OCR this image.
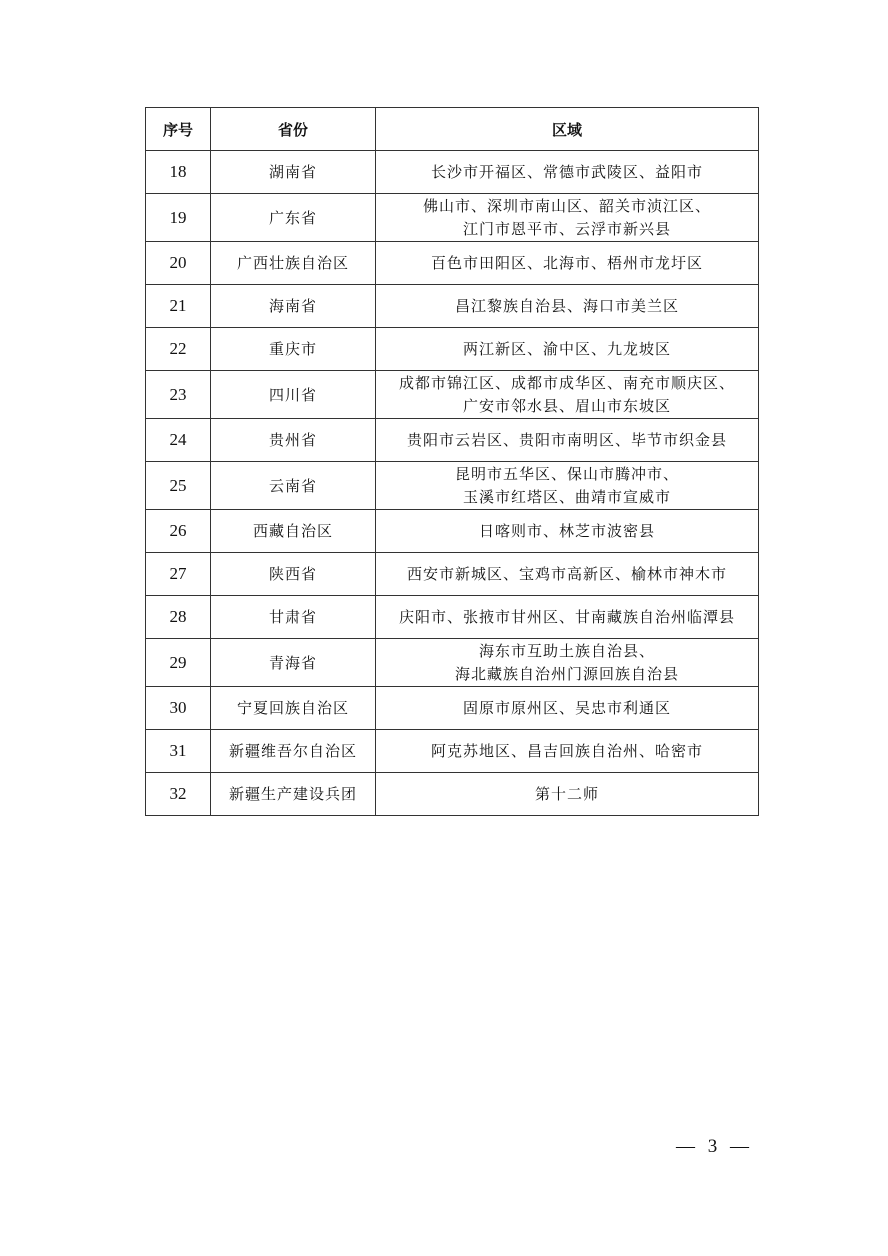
序号	省份	区域
18	湖南省	长沙市开福区、常德市武陵区、益阳市
19	广东省	佛山市、深圳市南山区、韶关市浈江区、
江门市恩平市、云浮市新兴县
20	广西壮族自治区	百色市田阳区、北海市、梧州市龙圩区
21	海南省	昌江黎族自治县、海口市美兰区
22	重庆市	两江新区、渝中区、九龙坡区
23	四川省	成都市锦江区、成都市成华区、南充市顺庆区、
广安市邻水县、眉山市东坡区
24	贵州省	贵阳市云岩区、贵阳市南明区、毕节市织金县
25	云南省	昆明市五华区、保山市腾冲市、
玉溪市红塔区、曲靖市宣威市
26	西藏自治区	日喀则市、林芝市波密县
27	陕西省	西安市新城区、宝鸡市高新区、榆林市神木市
28	甘肃省	庆阳市、张掖市甘州区、甘南藏族自治州临潭县
29	青海省	海东市互助土族自治县、
海北藏族自治州门源回族自治县
30	宁夏回族自治区	固原市原州区、吴忠市利通区
31	新疆维吾尔自治区	阿克苏地区、昌吉回族自治州、哈密市
32	新疆生产建设兵团	第十二师
— 3 —
